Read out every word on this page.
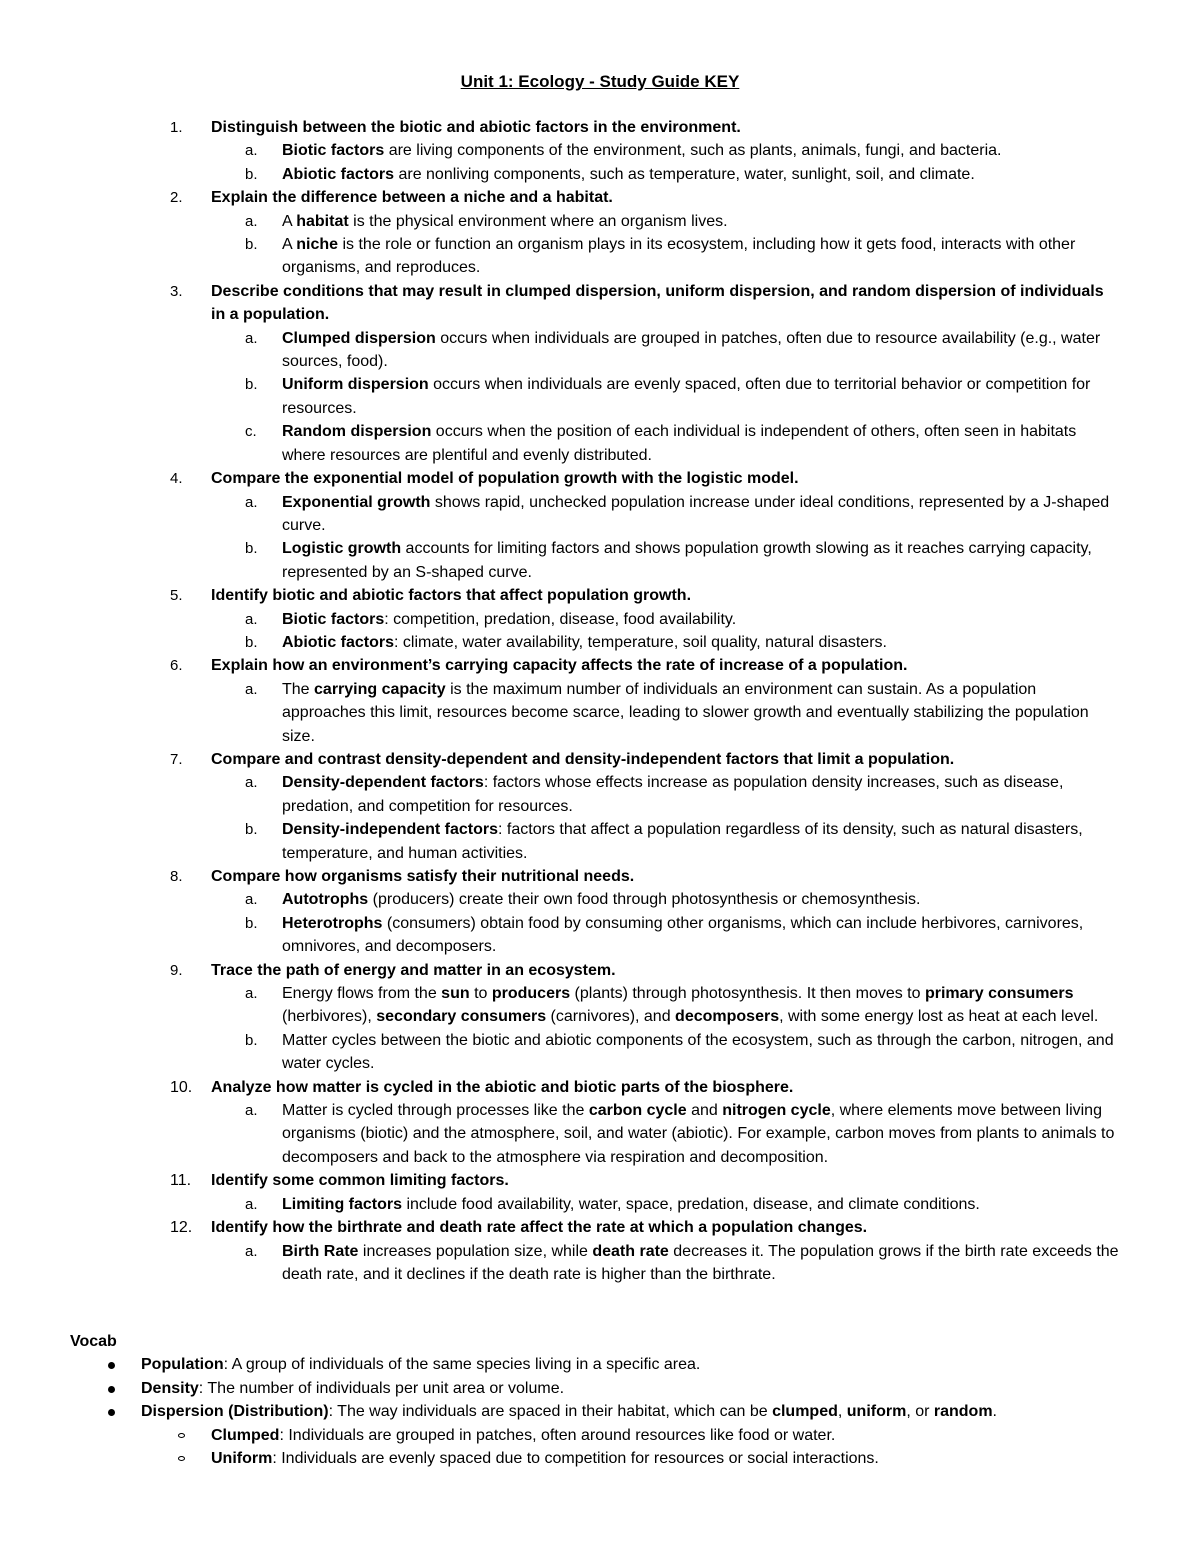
Unit 1: Ecology - Study Guide KEY
1.	Distinguish between the biotic and abiotic factors in the environment.
a. Biotic factors are living components of the environment, such as plants, animals, fungi, and bacteria.
b. Abiotic factors are nonliving components, such as temperature, water, sunlight, soil, and climate.
2.	Explain the difference between a niche and a habitat.
a. A habitat is the physical environment where an organism lives.
b. A niche is the role or function an organism plays in its ecosystem, including how it gets food, interacts with other organisms, and reproduces.
3.	Describe conditions that may result in clumped dispersion, uniform dispersion, and random dispersion of individuals in a population.
a. Clumped dispersion occurs when individuals are grouped in patches, often due to resource availability (e.g., water sources, food).
b. Uniform dispersion occurs when individuals are evenly spaced, often due to territorial behavior or competition for resources.
c. Random dispersion occurs when the position of each individual is independent of others, often seen in habitats where resources are plentiful and evenly distributed.
4.	Compare the exponential model of population growth with the logistic model.
a. Exponential growth shows rapid, unchecked population increase under ideal conditions, represented by a J-shaped curve.
b. Logistic growth accounts for limiting factors and shows population growth slowing as it reaches carrying capacity, represented by an S-shaped curve.
5.	Identify biotic and abiotic factors that affect population growth.
a. Biotic factors: competition, predation, disease, food availability.
b. Abiotic factors: climate, water availability, temperature, soil quality, natural disasters.
6.	Explain how an environment’s carrying capacity affects the rate of increase of a population.
a. The carrying capacity is the maximum number of individuals an environment can sustain. As a population approaches this limit, resources become scarce, leading to slower growth and eventually stabilizing the population size.
7.	Compare and contrast density-dependent and density-independent factors that limit a population.
a. Density-dependent factors: factors whose effects increase as population density increases, such as disease, predation, and competition for resources.
b. Density-independent factors: factors that affect a population regardless of its density, such as natural disasters, temperature, and human activities.
8.	Compare how organisms satisfy their nutritional needs.
a. Autotrophs (producers) create their own food through photosynthesis or chemosynthesis.
b. Heterotrophs (consumers) obtain food by consuming other organisms, which can include herbivores, carnivores, omnivores, and decomposers.
9.	Trace the path of energy and matter in an ecosystem.
a. Energy flows from the sun to producers (plants) through photosynthesis. It then moves to primary consumers (herbivores), secondary consumers (carnivores), and decomposers, with some energy lost as heat at each level.
b. Matter cycles between the biotic and abiotic components of the ecosystem, such as through the carbon, nitrogen, and water cycles.
10. Analyze how matter is cycled in the abiotic and biotic parts of the biosphere.
a. Matter is cycled through processes like the carbon cycle and nitrogen cycle, where elements move between living organisms (biotic) and the atmosphere, soil, and water (abiotic). For example, carbon moves from plants to animals to decomposers and back to the atmosphere via respiration and decomposition.
11. Identify some common limiting factors.
a. Limiting factors include food availability, water, space, predation, disease, and climate conditions.
12. Identify how the birthrate and death rate affect the rate at which a population changes.
a. Birth Rate increases population size, while death rate decreases it. The population grows if the birth rate exceeds the death rate, and it declines if the death rate is higher than the birthrate.
Vocab
Population: A group of individuals of the same species living in a specific area.
Density: The number of individuals per unit area or volume.
Dispersion (Distribution): The way individuals are spaced in their habitat, which can be clumped, uniform, or random.
Clumped: Individuals are grouped in patches, often around resources like food or water.
Uniform: Individuals are evenly spaced due to competition for resources or social interactions.
